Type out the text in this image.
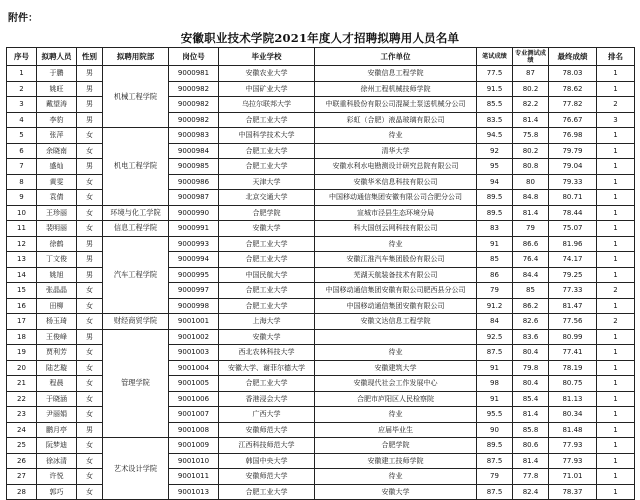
附件：
安徽职业技术学院2021年度人才招聘拟聘用人员名单
序号	拟聘人员	性别	拟聘用院部	岗位号	毕业学校	工作单位	笔试成绩	专业测试成绩	最终成绩	排名
1	于鹏	男	机械工程学院	9000981	安徽农业大学	安徽信息工程学院	77.5	87	78.03	1
2	姚旺	男		9000982	中国矿业大学	徐州工程机械技师学院	91.5	80.2	78.62	1
3	戴望涛	男		9000982	乌拉尔联邦大学	中联重科股份有限公司混凝土泵送机械分公司	85.5	82.2	77.82	2
4	李豹	男		9000982	合肥工业大学	彩虹（合肥）液晶玻璃有限公司	83.5	81.4	76.67	3
5	张萍	女	机电工程学院	9000983	中国科学技术大学	待业	94.5	75.8	76.98	1
6	余晓南	女		9000984	合肥工业大学	清华大学	92	80.2	79.79	1
7	盛灿	男		9000985	合肥工业大学	安徽水利水电勘测设计研究总院有限公司	95	80.8	79.04	1
8	黄雯	女		9000986	天津大学	安徽华米信息科技有限公司	94	80	79.33	1
9	袁倩	女		9000987	北京交通大学	中国移动通信集团安徽有限公司合肥分公司	89.5	84.8	80.71	1
10	王珍丽	女	环境与化工学院	9000990	合肥学院	宣城市泾县生态环境分局	89.5	81.4	78.44	1
11	裴明丽	女	信息工程学院	9000991	安徽大学	科大国创云网科技有限公司	83	79	75.07	1
12	徐鹤	男	汽车工程学院	9000993	合肥工业大学	待业	91	86.6	81.96	1
13	丁文俊	男		9000994	合肥工业大学	安徽江淮汽车集团股份有限公司	85	76.4	74.17	1
14	姚旭	男		9000995	中国民航大学	芜湖天航装备技术有限公司	86	84.4	79.25	1
15	张晶晶	女		9000997	合肥工业大学	中国移动通信集团安徽有限公司肥西县分公司	79	85	77.33	2
16	田柳	女		9000998	合肥工业大学	中国移动通信集团安徽有限公司	91.2	86.2	81.47	1
17	杨玉琦	女	财经商贸学院	9001001	上海大学	安徽文达信息工程学院	84	82.6	77.56	2
18	王俊峰	男	管理学院	9001002	安徽大学		92.5	83.6	80.99	1
19	贾利芳	女		9001003	西北农林科技大学	待业	87.5	80.4	77.41	1
20	陆艺璇	女		9001004	安徽大学、谢菲尔德大学	安徽建筑大学	91	79.8	78.19	1
21	程晨	女		9001005	合肥工业大学	安徽现代社会工作发展中心	98	80.4	80.75	1
22	于晓涵	女		9001006	香港浸会大学	合肥市庐阳区人民检察院	91	85.4	81.13	1
23	尹丽娟	女		9001007	广西大学	待业	95.5	81.4	80.34	1
24	鹏月亭	男		9001008	安徽师范大学	应届毕业生	90	85.8	81.48	1
25	阮梦迪	女	艺术设计学院	9001009	江西科技师范大学	合肥学院	89.5	80.6	77.93	1
26	徐冰清	女		9001010	韩国中央大学	安徽建工技师学院	87.5	81.4	77.93	1
27	许悦	女		9001011	安徽师范大学	待业	79	77.8	71.01	1
28	郭巧	女		9001013	合肥工业大学	安徽大学	87.5	82.4	78.37	1
